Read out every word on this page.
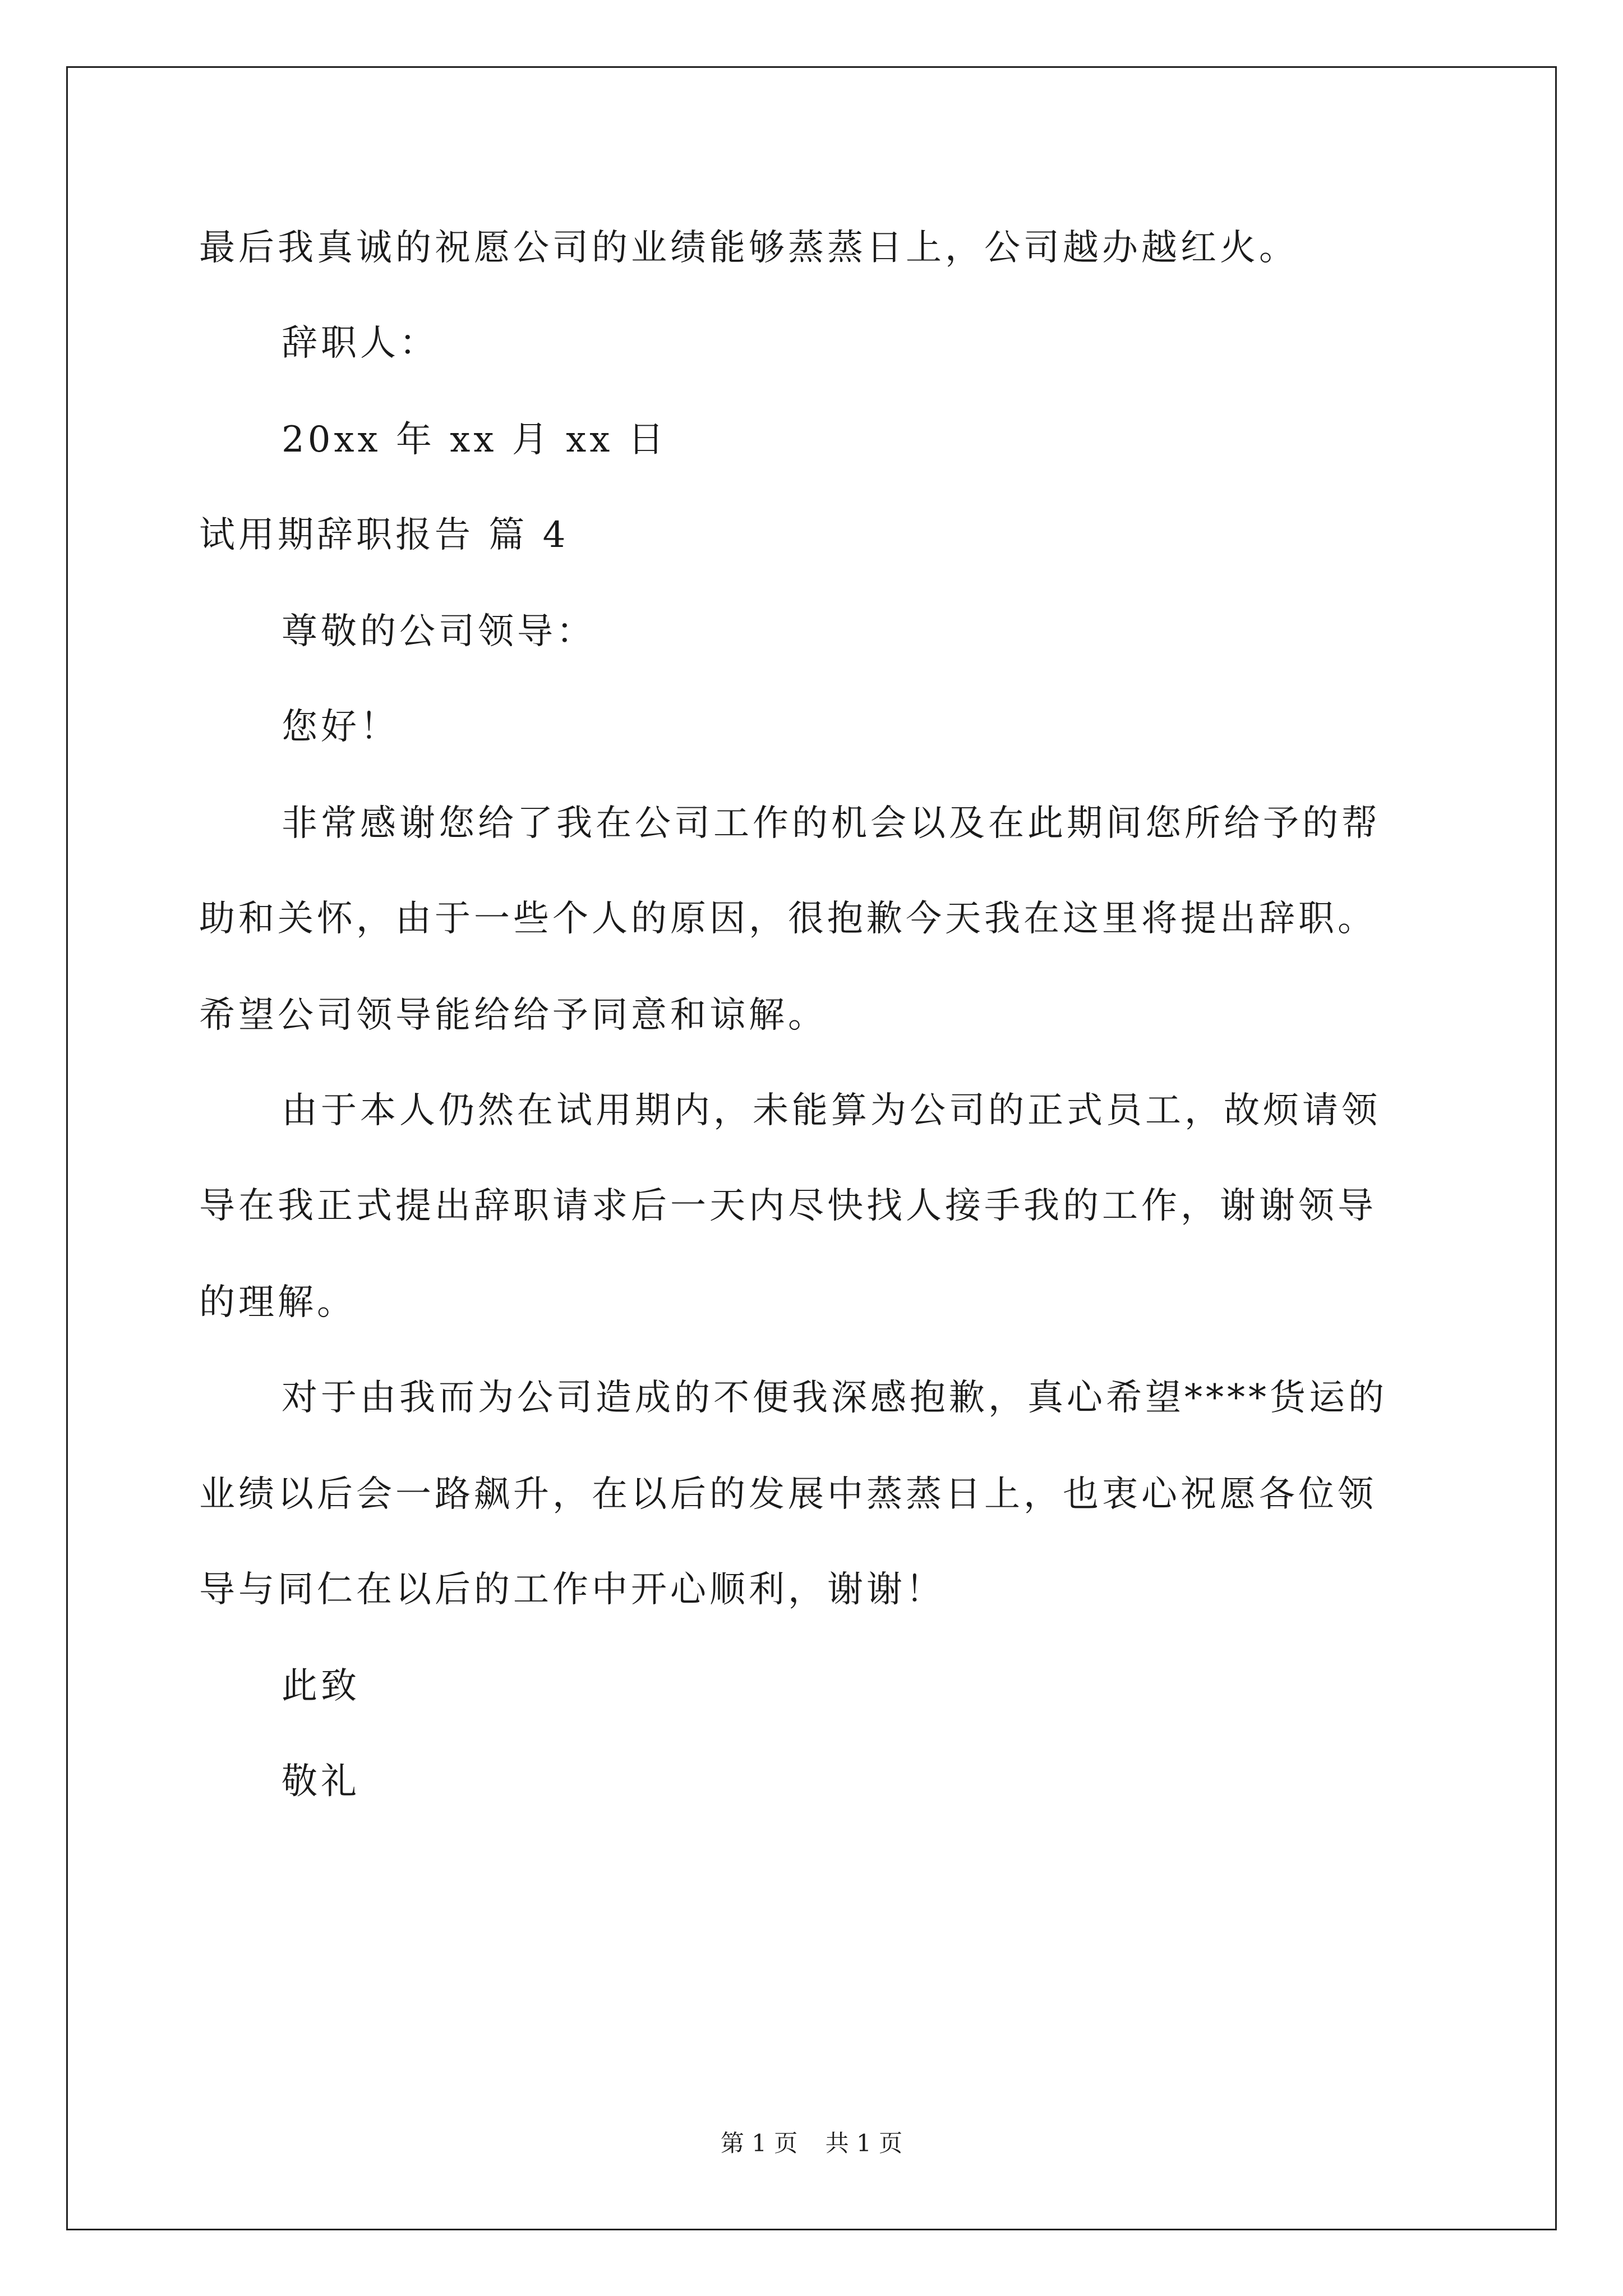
最后我真诚的祝愿公司的业绩能够蒸蒸日上，公司越办越红火。
辞职人：
20xx 年 xx 月 xx 日
试用期辞职报告 篇 4
尊敬的公司领导：
您好！
非常感谢您给了我在公司工作的机会以及在此期间您所给予的帮
助和关怀，由于一些个人的原因，很抱歉今天我在这里将提出辞职。
希望公司领导能给给予同意和谅解。
由于本人仍然在试用期内，未能算为公司的正式员工，故烦请领
导在我正式提出辞职请求后一天内尽快找人接手我的工作，谢谢领导
的理解。
对于由我而为公司造成的不便我深感抱歉，真心希望****货运的
业绩以后会一路飙升，在以后的发展中蒸蒸日上，也衷心祝愿各位领
导与同仁在以后的工作中开心顺利，谢谢！
此致
敬礼
第 1 页 共 1 页
